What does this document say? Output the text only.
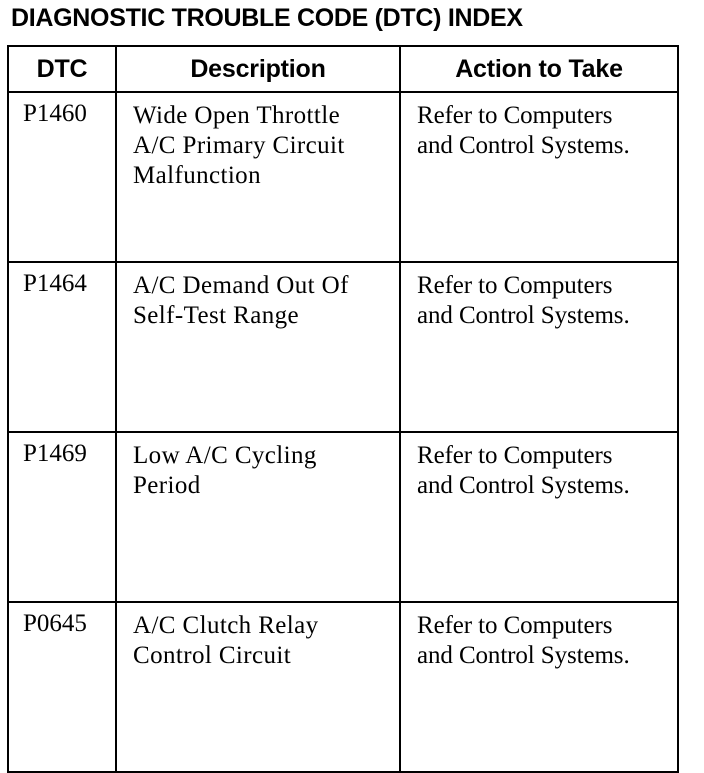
DIAGNOSTIC TROUBLE CODE (DTC) INDEX
DTC	Description	Action to Take
P1460	Wide Open Throttle
A/C Primary Circuit
Malfunction	Refer to Computers
and Control Systems.

P1464	A/C Demand Out Of
Self-Test Range	Refer to Computers
and Control Systems.

P1469	Low A/C Cycling
Period	Refer to Computers
and Control Systems.

P0645	A/C Clutch Relay
Control Circuit	Refer to Computers
and Control Systems.
